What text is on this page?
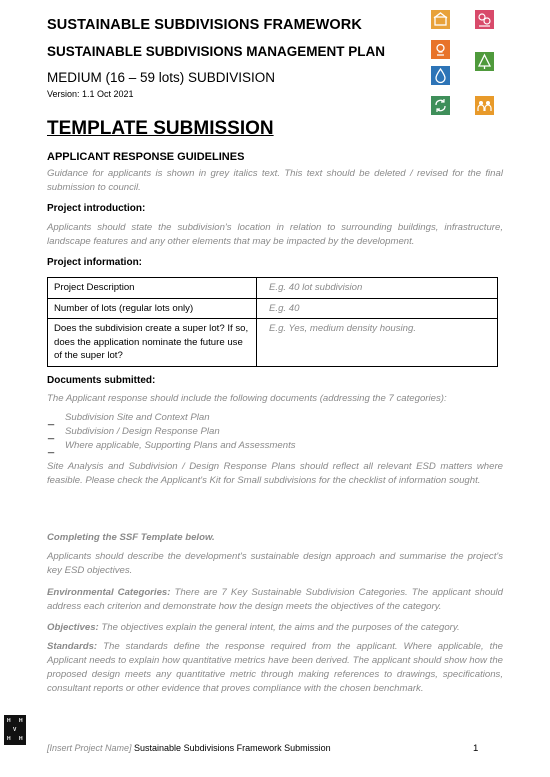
SUSTAINABLE SUBDIVISIONS FRAMEWORK
SUSTAINABLE SUBDIVISIONS MANAGEMENT PLAN
MEDIUM (16 – 59 lots) SUBDIVISION
Version: 1.1 Oct 2021
TEMPLATE SUBMISSION
APPLICANT RESPONSE GUIDELINES
Guidance for applicants is shown in grey italics text. This text should be deleted / revised for the final submission to council.
Project introduction:
Applicants should state the subdivision's location in relation to surrounding buildings, infrastructure, landscape features and any other elements that may be impacted by the development.
Project information:
Project Description	E.g. 40 lot subdivision
Number of lots (regular lots only)	E.g. 40
Does the subdivision create a super lot? If so, does the application nominate the future use of the super lot?	E.g. Yes, medium density housing.
Documents submitted:
The Applicant response should include the following documents (addressing the 7 categories):
_ Subdivision Site and Context Plan
_ Subdivision / Design Response Plan
_ Where applicable, Supporting Plans and Assessments
Site Analysis and Subdivision / Design Response Plans should reflect all relevant ESD matters where feasible. Please check the Applicant's Kit for Small subdivisions for the checklist of information sought.
Completing the SSF Template below.
Applicants should describe the development's sustainable design approach and summarise the project's key ESD objectives.
Environmental Categories: There are 7 Key Sustainable Subdivision Categories. The applicant should address each criterion and demonstrate how the design meets the objectives of the category.
Objectives: The objectives explain the general intent, the aims and the purposes of the category.
Standards: The standards define the response required from the applicant. Where applicable, the Applicant needs to explain how quantitative metrics have been derived. The applicant should show how the proposed design meets any quantitative metric through making references to drawings, specifications, consultant reports or other evidence that proves compliance with the chosen benchmark.
H H
V
H H
[Insert Project Name] Sustainable Subdivisions Framework Submission	1
